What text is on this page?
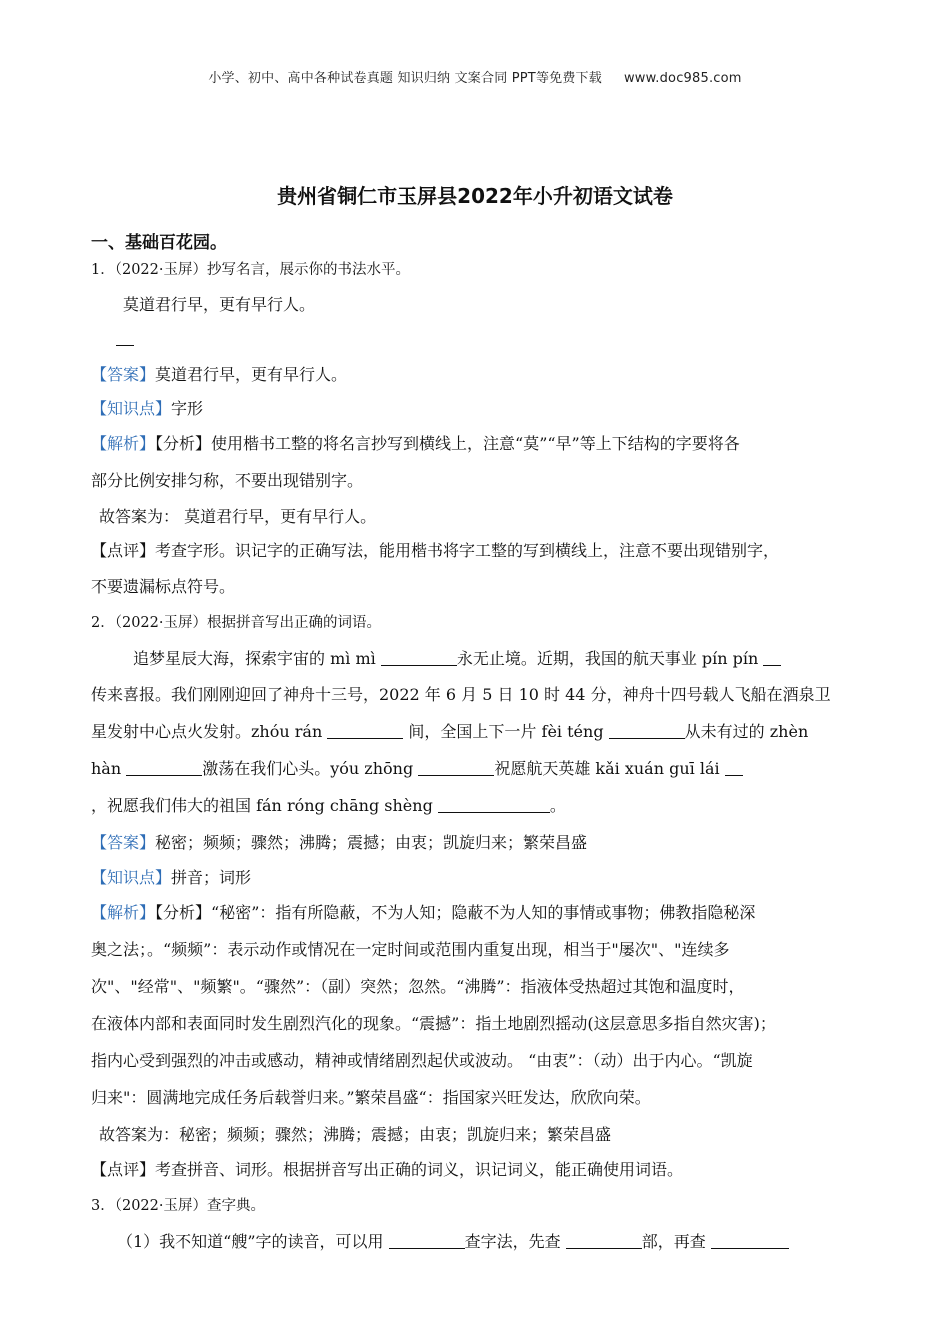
小学、初中、高中各种试卷真题 知识归纳 文案合同 PPT等免费下载 www.doc985.com
贵州省铜仁市玉屏县2022年小升初语文试卷
一、基础百花园。
1．（2022·玉屏）抄写名言，展示你的书法水平。
莫道君行早，更有早行人。
【答案】莫道君行早，更有早行人。
【知识点】字形
【解析】【分析】使用楷书工整的将名言抄写到横线上，注意“莫”“早”等上下结构的字要将各
部分比例安排匀称，不要出现错别字。
故答案为： 莫道君行早，更有早行人。
【点评】考查字形。识记字的正确写法，能用楷书将字工整的写到横线上，注意不要出现错别字，
不要遗漏标点符号。
2．（2022·玉屏）根据拼音写出正确的词语。
追梦星辰大海，探索宇宙的 mì mì	永无止境。近期，我国的航天事业 pín pín
传来喜报。我们刚刚迎回了神舟十三号，2022 年 6 月 5 日 10 时 44 分，神舟十四号载人飞船在酒泉卫
星发射中心点火发射。zhóu rán	间，全国上下一片 fèi téng	从未有过的 zhèn
hàn	激荡在我们心头。yóu zhōng	祝愿航天英雄 kǎi xuán guī lái
，祝愿我们伟大的祖国 fán róng chāng shèng	。
【答案】秘密；频频；骤然；沸腾；震撼；由衷；凯旋归来；繁荣昌盛
【知识点】拼音；词形
【解析】【分析】“秘密”：指有所隐蔽，不为人知；隐蔽不为人知的事情或事物；佛教指隐秘深
奥之法；。“频频”：表示动作或情况在一定时间或范围内重复出现，相当于"屡次"、"连续多
次"、"经常"、"频繁"。“骤然”：（副）突然；忽然。“沸腾”：指液体受热超过其饱和温度时，
在液体内部和表面同时发生剧烈汽化的现象。“震撼”：指土地剧烈摇动(这层意思多指自然灾害)；
指内心受到强烈的冲击或感动，精神或情绪剧烈起伏或波动。 “由衷”：（动）出于内心。“凯旋
归来"：圆满地完成任务后载誉归来。”繁荣昌盛“：指国家兴旺发达，欣欣向荣。
故答案为：秘密；频频；骤然；沸腾；震撼；由衷；凯旋归来；繁荣昌盛
【点评】考查拼音、词形。根据拼音写出正确的词义，识记词义，能正确使用词语。
3．（2022·玉屏）查字典。
（1）我不知道“艘”字的读音，可以用	查字法，先查	部，再查
